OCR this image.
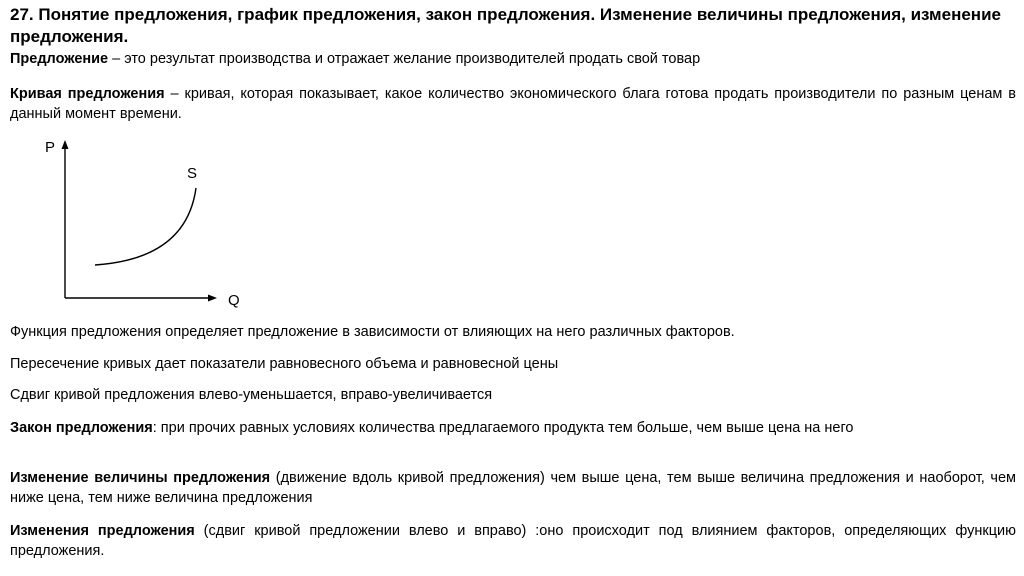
27. Понятие предложения, график предложения, закон предложения. Изменение величины предложения, изменение предложения.
Предложение – это результат производства и отражает желание производителей продать свой товар
Кривая предложения – кривая, которая показывает, какое количество экономического блага готова продать производители по разным ценам в данный момент времени.
P
Q
S
Функция предложения определяет предложение в зависимости от влияющих на него различных факторов.
Пересечение кривых дает показатели равновесного объема и равновесной цены
Сдвиг кривой предложения влево-уменьшается, вправо-увеличивается
Закон предложения: при прочих равных условиях количества предлагаемого продукта тем больше, чем выше цена на него
Изменение величины предложения (движение вдоль кривой предложения) чем выше цена, тем выше величина предложения и наоборот, чем ниже цена, тем ниже величина предложения
Изменения предложения (сдвиг кривой предложении влево и вправо) :оно происходит под влиянием факторов, определяющих функцию предложения.
